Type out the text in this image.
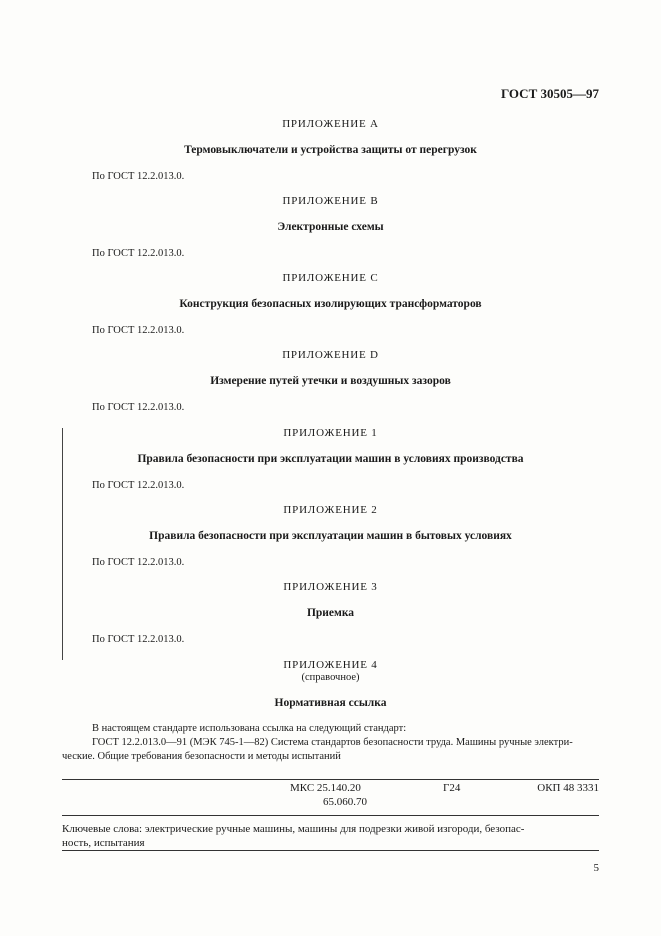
ГОСТ 30505—97
ПРИЛОЖЕНИЕ А
Термовыключатели и устройства защиты от перегрузок
По ГОСТ 12.2.013.0.
ПРИЛОЖЕНИЕ В
Электронные схемы
По ГОСТ 12.2.013.0.
ПРИЛОЖЕНИЕ С
Конструкция безопасных изолирующих трансформаторов
По ГОСТ 12.2.013.0.
ПРИЛОЖЕНИЕ D
Измерение путей утечки и воздушных зазоров
По ГОСТ 12.2.013.0.
ПРИЛОЖЕНИЕ 1
Правила безопасности при эксплуатации машин в условиях производства
По ГОСТ 12.2.013.0.
ПРИЛОЖЕНИЕ 2
Правила безопасности при эксплуатации машин в бытовых условиях
По ГОСТ 12.2.013.0.
ПРИЛОЖЕНИЕ 3
Приемка
По ГОСТ 12.2.013.0.
ПРИЛОЖЕНИЕ 4
(справочное)
Нормативная ссылка
В настоящем стандарте использована ссылка на следующий стандарт:
ГОСТ 12.2.013.0—91 (МЭК 745-1—82) Система стандартов безопасности труда. Машины ручные электри-
ческие. Общие требования безопасности и методы испытаний
МКС 25.140.20
65.060.70
Г24	ОКП 48 3331
Ключевые слова: электрические ручные машины, машины для подрезки живой изгороди, безопас-
ность, испытания
5
